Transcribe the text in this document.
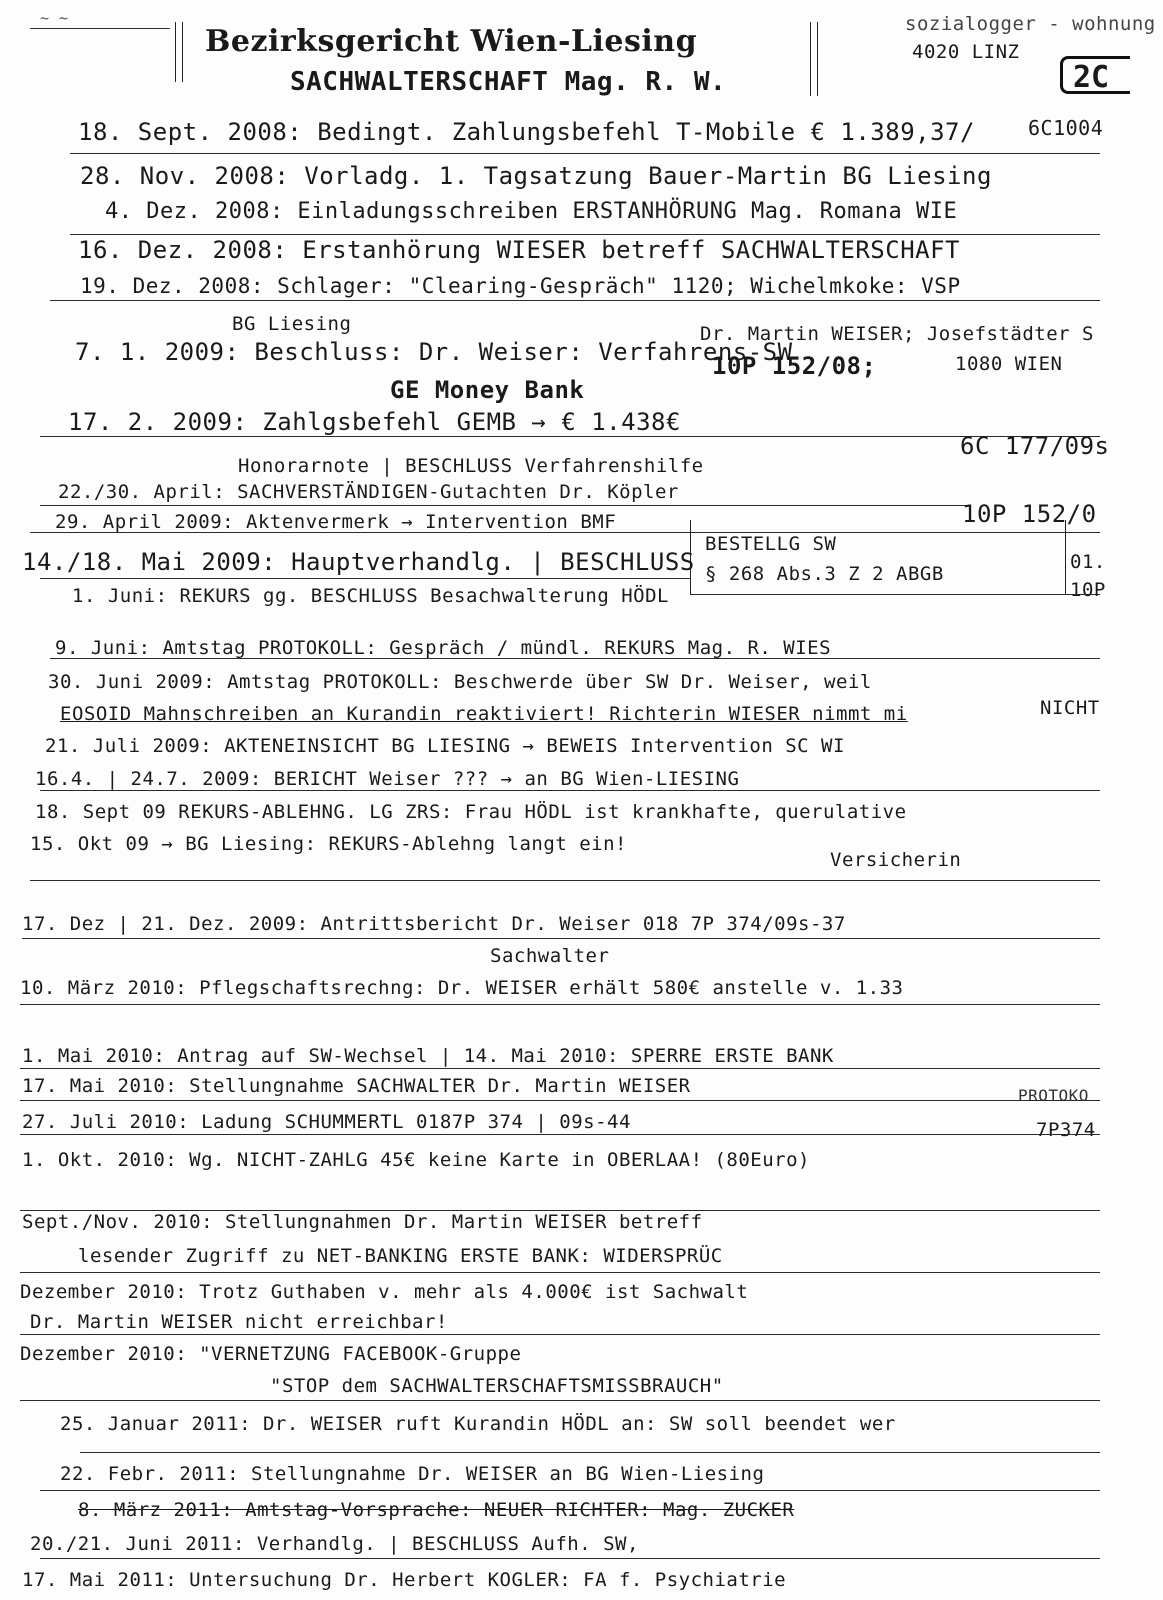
~ ~	sozialogger - wohnung
4020 LINZ
Bezirksgericht Wien-Liesing
SACHWALTERSCHAFT Mag. R. W.	2C
18. Sept. 2008: Bedingt. Zahlungsbefehl T-Mobile € 1.389,37/	6C1004
28. Nov. 2008: Vorladg. 1. Tagsatzung Bauer-Martin BG Liesing
4. Dez. 2008: Einladungsschreiben ERSTANHÖRUNG Mag. Romana WIE
16. Dez. 2008: Erstanhörung WIESER betreff SACHWALTERSCHAFT
19. Dez. 2008: Schlager: "Clearing-Gespräch" 1120; Wichelmkoke: VSP
BG Liesing	Dr. Martin WEISER; Josefstädter S
7. 1. 2009: Beschluss: Dr. Weiser: Verfahrens-SW
10P 152/08;	1080 WIEN
GE Money Bank
17. 2. 2009: Zahlgsbefehl GEMB → € 1.438€
6C 177/09s
Honorarnote | BESCHLUSS Verfahrenshilfe
22./30. April: SACHVERSTÄNDIGEN-Gutachten Dr. Köpler
10P 152/0
29. April 2009: Aktenvermerk → Intervention BMF
BESTELLG SW
14./18. Mai 2009: Hauptverhandlg. | BESCHLUSS § 268 Abs.3 Z 2 ABGB
01.
10P
1. Juni: REKURS gg. BESCHLUSS Besachwalterung HÖDL
9. Juni: Amtstag PROTOKOLL: Gespräch / mündl. REKURS Mag. R. WIES
30. Juni 2009: Amtstag PROTOKOLL: Beschwerde über SW Dr. Weiser, weil
NICHT
EOSOID Mahnschreiben an Kurandin reaktiviert! Richterin WIESER nimmt mi
21. Juli 2009: AKTENEINSICHT BG LIESING → BEWEIS Intervention SC WI
16.4. | 24.7. 2009: BERICHT Weiser ??? → an BG Wien-LIESING
18. Sept 09 REKURS-ABLEHNG. LG ZRS: Frau HÖDL ist krankhafte, querulative
15. Okt 09 → BG Liesing: REKURS-Ablehng langt ein!
Versicherin
17. Dez | 21. Dez. 2009: Antrittsbericht Dr. Weiser 018 7P 374/09s-37
Sachwalter
10. März 2010: Pflegschaftsrechng: Dr. WEISER erhält 580€ anstelle v. 1.33
1. Mai 2010: Antrag auf SW-Wechsel | 14. Mai 2010: SPERRE ERSTE BANK
17. Mai 2010: Stellungnahme SACHWALTER Dr. Martin WEISER	PROTOKO
27. Juli 2010: Ladung SCHUMMERTL 0187P 374 | 09s-44	7P374
1. Okt. 2010: Wg. NICHT-ZAHLG 45€ keine Karte in OBERLAA! (80Euro)
Sept./Nov. 2010: Stellungnahmen Dr. Martin WEISER betreff
lesender Zugriff zu NET-BANKING ERSTE BANK: WIDERSPRÜC
Dezember 2010: Trotz Guthaben v. mehr als 4.000€ ist Sachwalt
Dr. Martin WEISER nicht erreichbar!
Dezember 2010: "VERNETZUNG FACEBOOK-Gruppe
"STOP dem SACHWALTERSCHAFTSMISSBRAUCH"
25. Januar 2011: Dr. WEISER ruft Kurandin HÖDL an: SW soll beendet wer
22. Febr. 2011: Stellungnahme Dr. WEISER an BG Wien-Liesing
8. März 2011: Amtstag-Vorsprache: NEUER RICHTER: Mag. ZUCKER
20./21. Juni 2011: Verhandlg. | BESCHLUSS Aufh. SW,
17. Mai 2011: Untersuchung Dr. Herbert KOGLER: FA f. Psychiatrie
